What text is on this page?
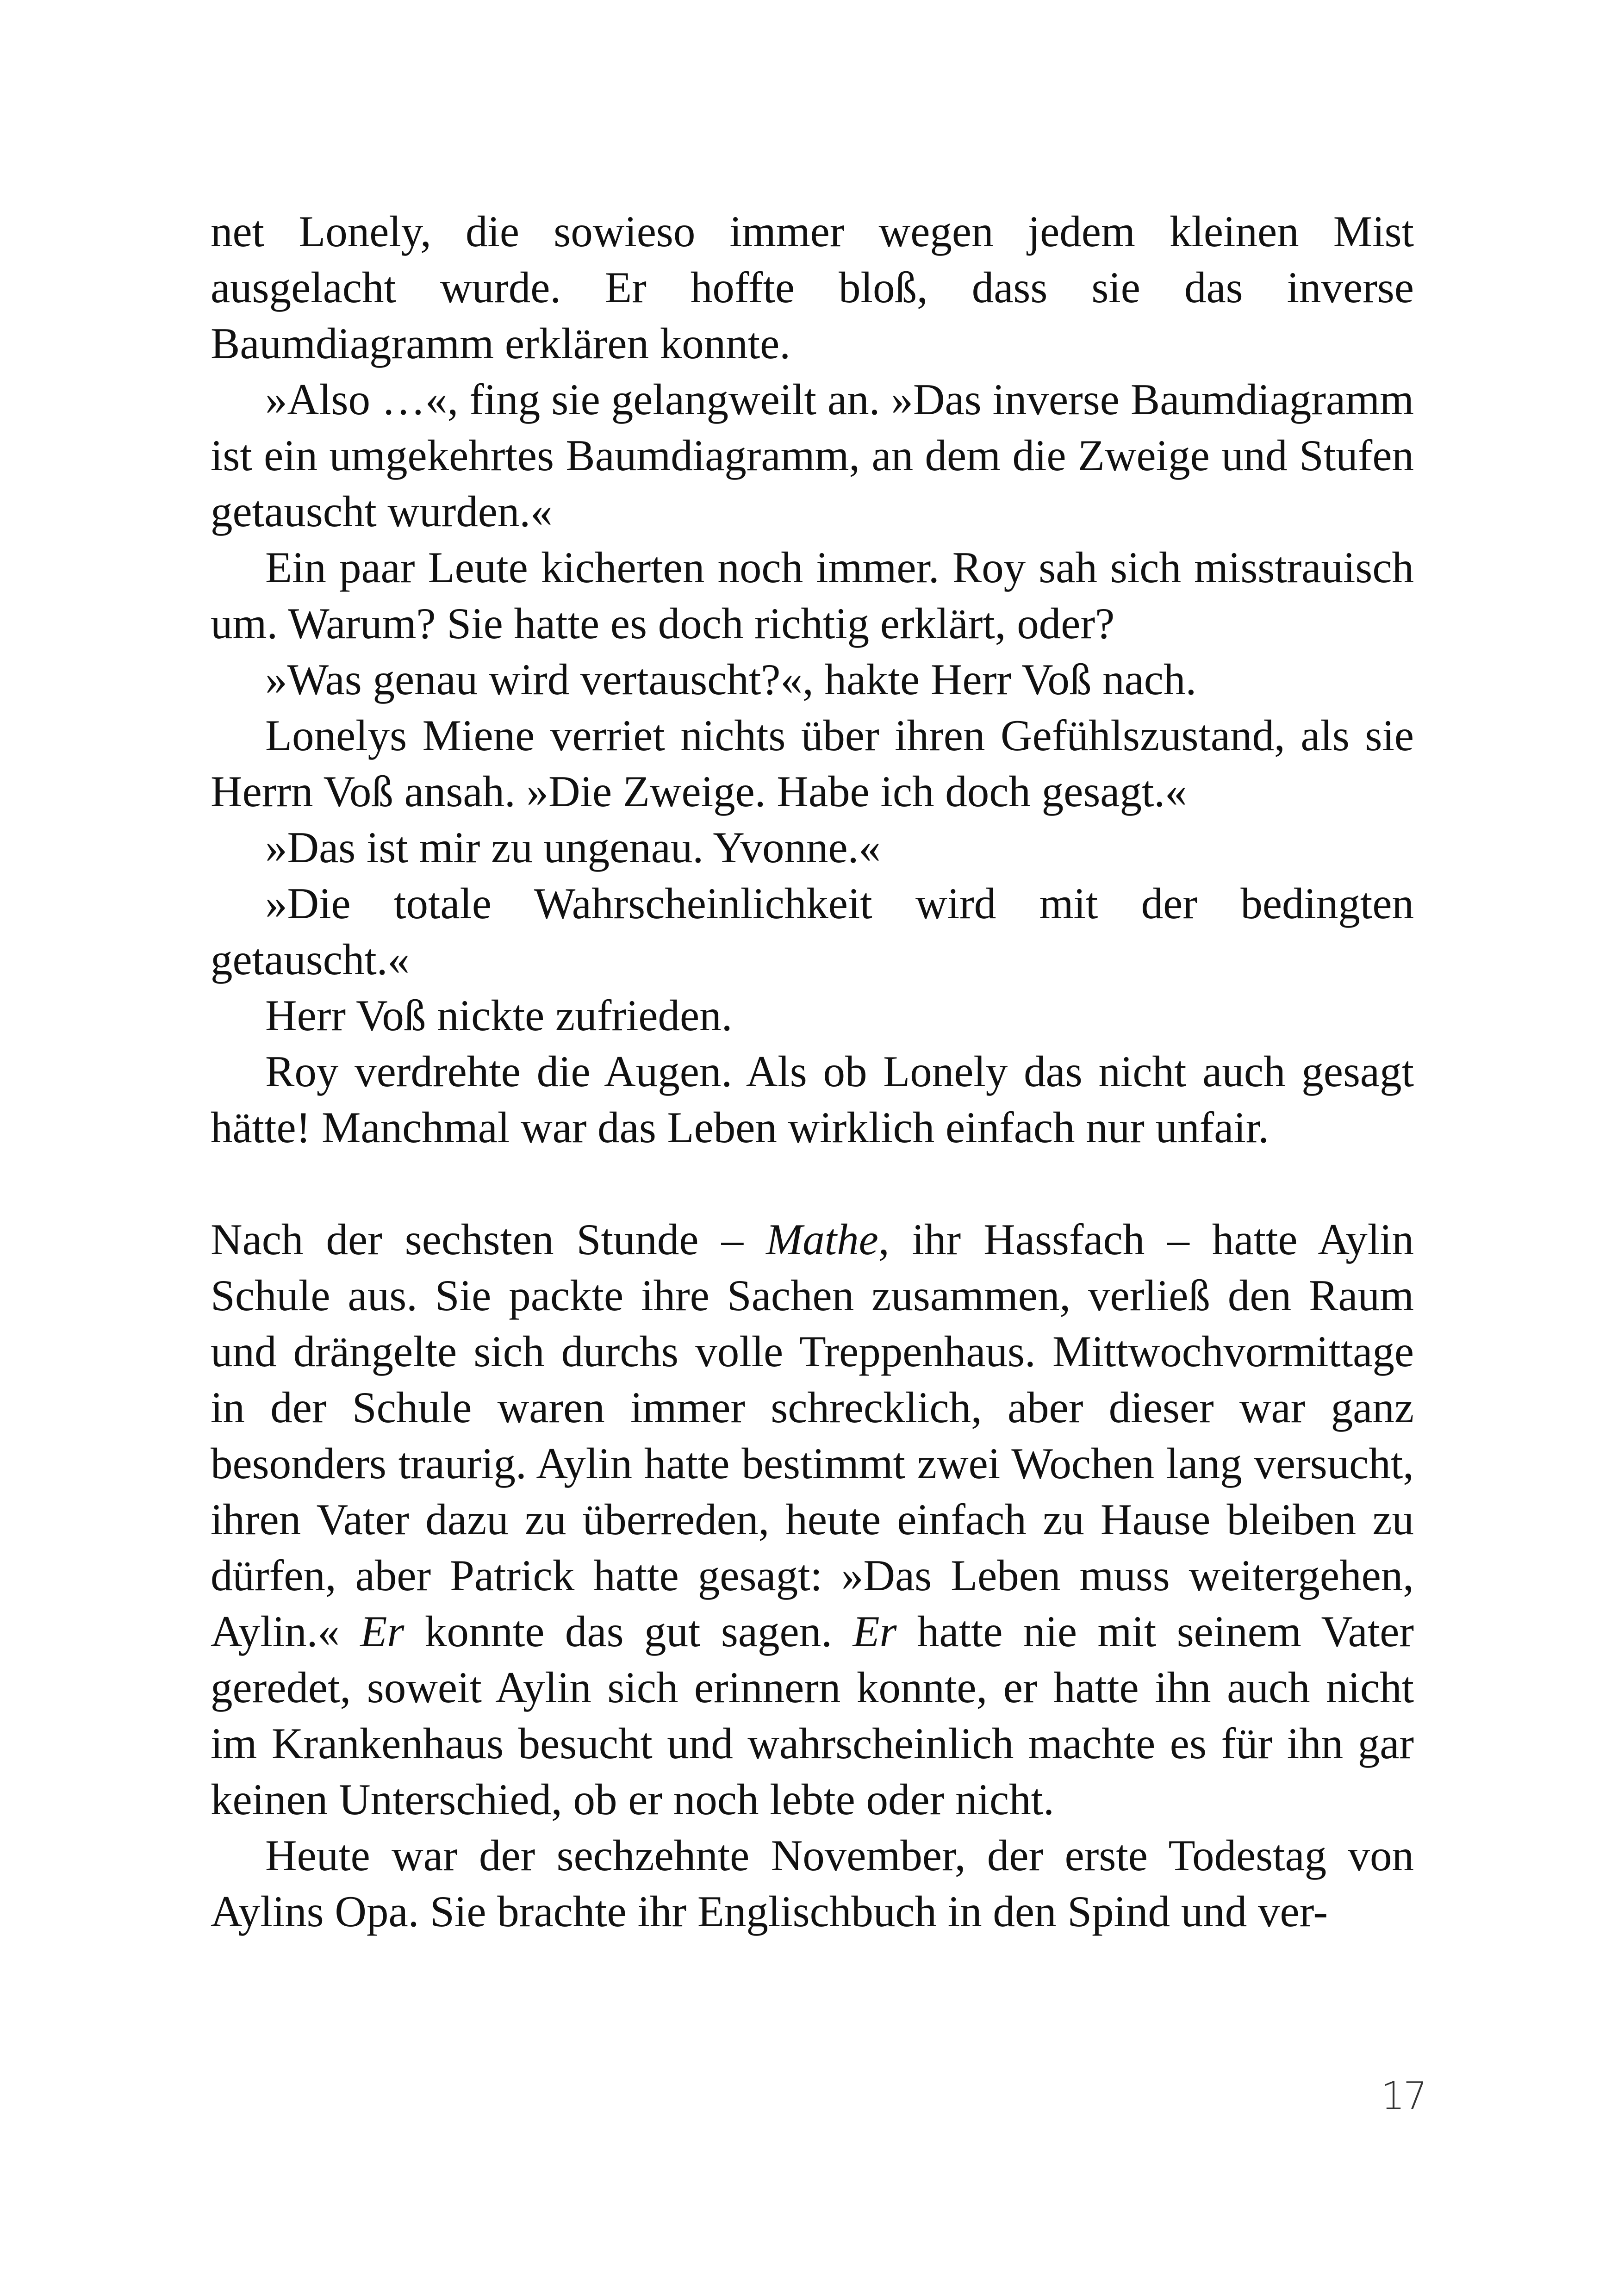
net Lonely, die sowieso immer wegen jedem kleinen Mist ausgelacht wurde. Er hoffte bloß, dass sie das inverse Baumdiagramm erklären konnte.

»Also …«, fing sie gelangweilt an. »Das inverse Baumdiagramm ist ein umgekehrtes Baumdiagramm, an dem die Zweige und Stufen getauscht wurden.«

Ein paar Leute kicherten noch immer. Roy sah sich misstrauisch um. Warum? Sie hatte es doch richtig erklärt, oder?

»Was genau wird vertauscht?«, hakte Herr Voß nach.

Lonelys Miene verriet nichts über ihren Gefühlszustand, als sie Herrn Voß ansah. »Die Zweige. Habe ich doch gesagt.«

»Das ist mir zu ungenau. Yvonne.«

»Die totale Wahrscheinlichkeit wird mit der bedingten getauscht.«

Herr Voß nickte zufrieden.

Roy verdrehte die Augen. Als ob Lonely das nicht auch gesagt hätte! Manchmal war das Leben wirklich einfach nur unfair.

Nach der sechsten Stunde – Mathe, ihr Hassfach – hatte Aylin Schule aus. Sie packte ihre Sachen zusammen, verließ den Raum und drängelte sich durchs volle Treppenhaus. Mittwochvormittage in der Schule waren immer schrecklich, aber dieser war ganz besonders traurig. Aylin hatte bestimmt zwei Wochen lang versucht, ihren Vater dazu zu überreden, heute einfach zu Hause bleiben zu dürfen, aber Patrick hatte gesagt: »Das Leben muss weitergehen, Aylin.« Er konnte das gut sagen. Er hatte nie mit seinem Vater geredet, soweit Aylin sich erinnern konnte, er hatte ihn auch nicht im Krankenhaus besucht und wahrscheinlich machte es für ihn gar keinen Unterschied, ob er noch lebte oder nicht.

Heute war der sechzehnte November, der erste Todestag von Aylins Opa. Sie brachte ihr Englischbuch in den Spind und ver-

17
